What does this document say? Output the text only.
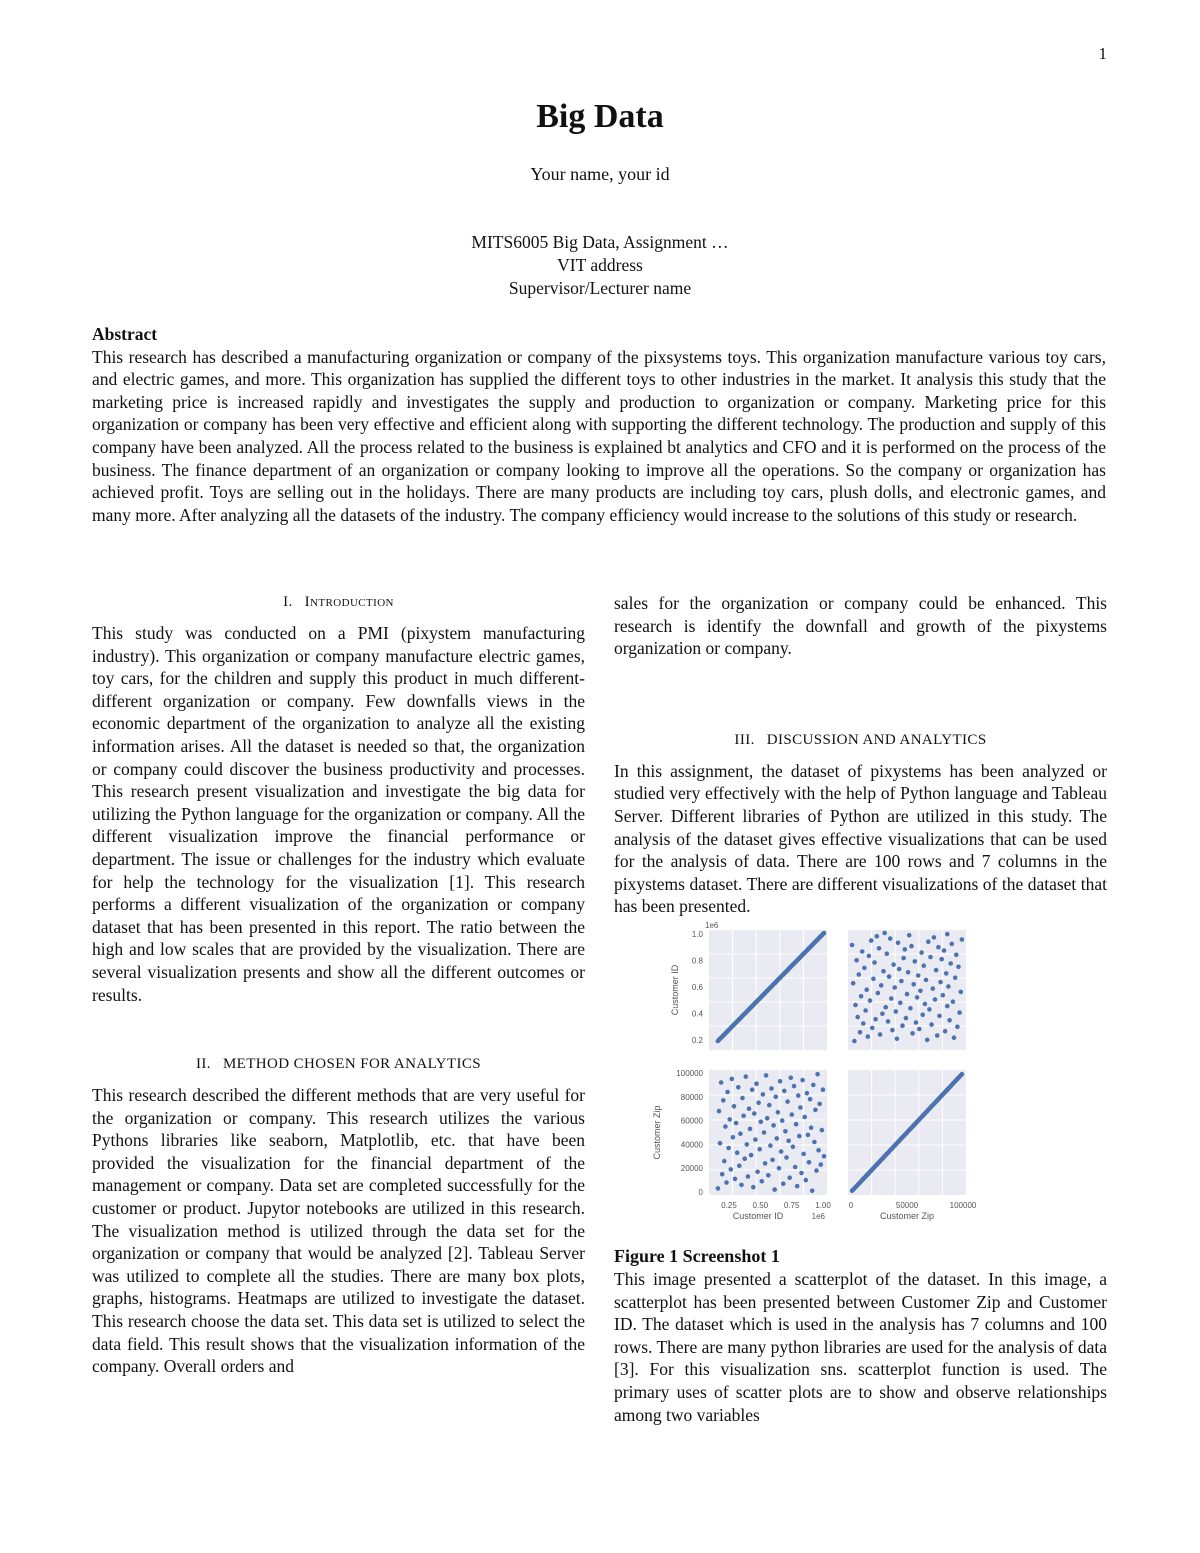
1
Big Data
Your name, your id
MITS6005 Big Data, Assignment …
VIT address
Supervisor/Lecturer name
Abstract
This research has described a manufacturing organization or company of the pixsystems toys. This organization manufacture various toy cars, and electric games, and more. This organization has supplied the different toys to other industries in the market. It analysis this study that the marketing price is increased rapidly and investigates the supply and production to organization or company. Marketing price for this organization or company has been very effective and efficient along with supporting the different technology. The production and supply of this company have been analyzed. All the process related to the business is explained bt analytics and CFO and it is performed on the process of the business. The finance department of an organization or company looking to improve all the operations. So the company or organization has achieved profit. Toys are selling out in the holidays. There are many products are including toy cars, plush dolls, and electronic games, and many more. After analyzing all the datasets of the industry. The company efficiency would increase to the solutions of this study or research.
I. Introduction

This study was conducted on a PMI (pixystem manufacturing industry). This organization or company manufacture electric games, toy cars, for the children and supply this product in much different-different organization or company. Few downfalls views in the economic department of the organization to analyze all the existing information arises. All the dataset is needed so that, the organization or company could discover the business productivity and processes. This research present visualization and investigate the big data for utilizing the Python language for the organization or company. All the different visualization improve the financial performance or department. The issue or challenges for the industry which evaluate for help the technology for the visualization [1]. This research performs a different visualization of the organization or company dataset that has been presented in this report. The ratio between the high and low scales that are provided by the visualization. There are several visualization presents and show all the different outcomes or results.

II. METHOD CHOSEN FOR ANALYTICS

This research described the different methods that are very useful for the organization or company. This research utilizes the various Pythons libraries like seaborn, Matplotlib, etc. that have been provided the visualization for the financial department of the management or company. Data set are completed successfully for the customer or product. Jupytor notebooks are utilized in this research. The visualization method is utilized through the data set for the organization or company that would be analyzed [2]. Tableau Server was utilized to complete all the studies. There are many box plots, graphs, histograms. Heatmaps are utilized to investigate the dataset. This research choose the data set. This data set is utilized to select the data field. This result shows that the visualization information of the company. Overall orders and

sales for the organization or company could be enhanced. This research is identify the downfall and growth of the pixystems organization or company.

III. DISCUSSION AND ANALYTICS

In this assignment, the dataset of pixystems has been analyzed or studied very effectively with the help of Python language and Tableau Server. Different libraries of Python are utilized in this study. The analysis of the dataset gives effective visualizations that can be used for the analysis of data. There are 100 rows and 7 columns in the pixystems dataset. There are different visualizations of the dataset that has been presented.

1.0
0.8
0.6
0.4
0.2
100000
80000
60000
40000
20000
0
0.25 0.50 0.75 1.00 0	50000	100000
1e6
1e6
Customer ID	Customer Zip
Customer ID
Customer Zip

Figure 1 Screenshot 1

This image presented a scatterplot of the dataset. In this image, a scatterplot has been presented between Customer Zip and Customer ID. The dataset which is used in the analysis has 7 columns and 100 rows. There are many python libraries are used for the analysis of data [3]. For this visualization sns. scatterplot function is used. The primary uses of scatter plots are to show and observe relationships among two variables
